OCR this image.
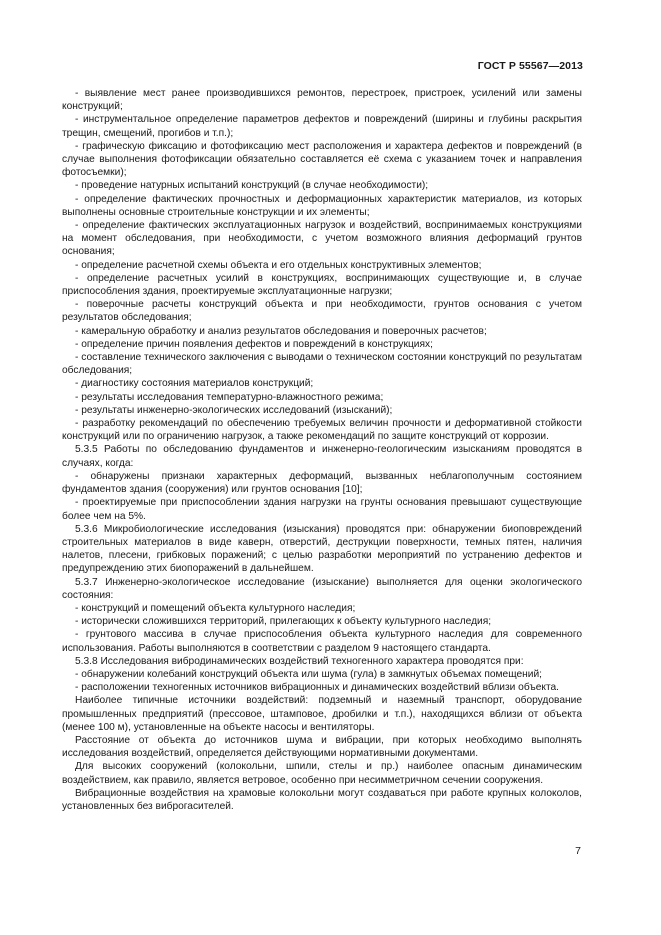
ГОСТ Р 55567—2013

- выявление мест ранее производившихся ремонтов, перестроек, пристроек, усилений или замены конструкций;

- инструментальное определение параметров дефектов и повреждений (ширины и глубины раскрытия трещин, смещений, прогибов и т.п.);

- графическую фиксацию и фотофиксацию мест расположения и характера дефектов и повреждений (в случае выполнения фотофиксации обязательно составляется её схема с указанием точек и направления фотосъемки);

- проведение натурных испытаний конструкций (в случае необходимости);

- определение фактических прочностных и деформационных характеристик материалов, из которых выполнены основные строительные конструкции и их элементы;

- определение фактических эксплуатационных нагрузок и воздействий, воспринимаемых конструкциями на момент обследования, при необходимости, с учетом возможного влияния деформаций грунтов основания;

- определение расчетной схемы объекта и его отдельных конструктивных элементов;

- определение расчетных усилий в конструкциях, воспринимающих существующие и, в случае приспособления здания, проектируемые эксплуатационные нагрузки;

- поверочные расчеты конструкций объекта и при необходимости, грунтов основания с учетом результатов обследования;

- камеральную обработку и анализ результатов обследования и поверочных расчетов;

- определение причин появления дефектов и повреждений в конструкциях;

- составление технического заключения с выводами о техническом состоянии конструкций по результатам обследования;

- диагностику состояния материалов конструкций;

- результаты исследования температурно-влажностного режима;

- результаты инженерно-экологических исследований (изысканий);

- разработку рекомендаций по обеспечению требуемых величин прочности и деформативной стойкости конструкций или по ограничению нагрузок, а также рекомендаций по защите конструкций от коррозии.

5.3.5 Работы по обследованию фундаментов и инженерно-геологическим изысканиям проводятся в случаях, когда:

- обнаружены признаки характерных деформаций, вызванных неблагополучным состоянием фундаментов здания (сооружения) или грунтов основания [10];

- проектируемые при приспособлении здания нагрузки на грунты основания превышают существующие более чем на 5%.

5.3.6 Микробиологические исследования (изыскания) проводятся при: обнаружении биоповреждений строительных материалов в виде каверн, отверстий, деструкции поверхности, темных пятен, наличия налетов, плесени, грибковых поражений; с целью разработки мероприятий по устранению дефектов и предупреждению этих биопоражений в дальнейшем.

5.3.7 Инженерно-экологическое исследование (изыскание) выполняется для оценки экологического состояния:

- конструкций и помещений объекта культурного наследия;

- исторически сложившихся территорий, прилегающих к объекту культурного наследия;

- грунтового массива в случае приспособления объекта культурного наследия для современного использования. Работы выполняются в соответствии с разделом 9 настоящего стандарта.

5.3.8 Исследования вибродинамических воздействий техногенного характера проводятся при:

- обнаружении колебаний конструкций объекта или шума (гула) в замкнутых объемах помещений;

- расположении техногенных источников вибрационных и динамических воздействий вблизи объекта.

Наиболее типичные источники воздействий: подземный и наземный транспорт, оборудование промышленных предприятий (прессовое, штамповое, дробилки и т.п.), находящихся вблизи от объекта (менее 100 м), установленные на объекте насосы и вентиляторы.

Расстояние от объекта до источников шума и вибрации, при которых необходимо выполнять исследования воздействий, определяется действующими нормативными документами.

Для высоких сооружений (колокольни, шпили, стелы и пр.) наиболее опасным динамическим воздействием, как правило, является ветровое, особенно при несимметричном сечении сооружения.

Вибрационные воздействия на храмовые колокольни могут создаваться при работе крупных колоколов, установленных без виброгасителей.

7
